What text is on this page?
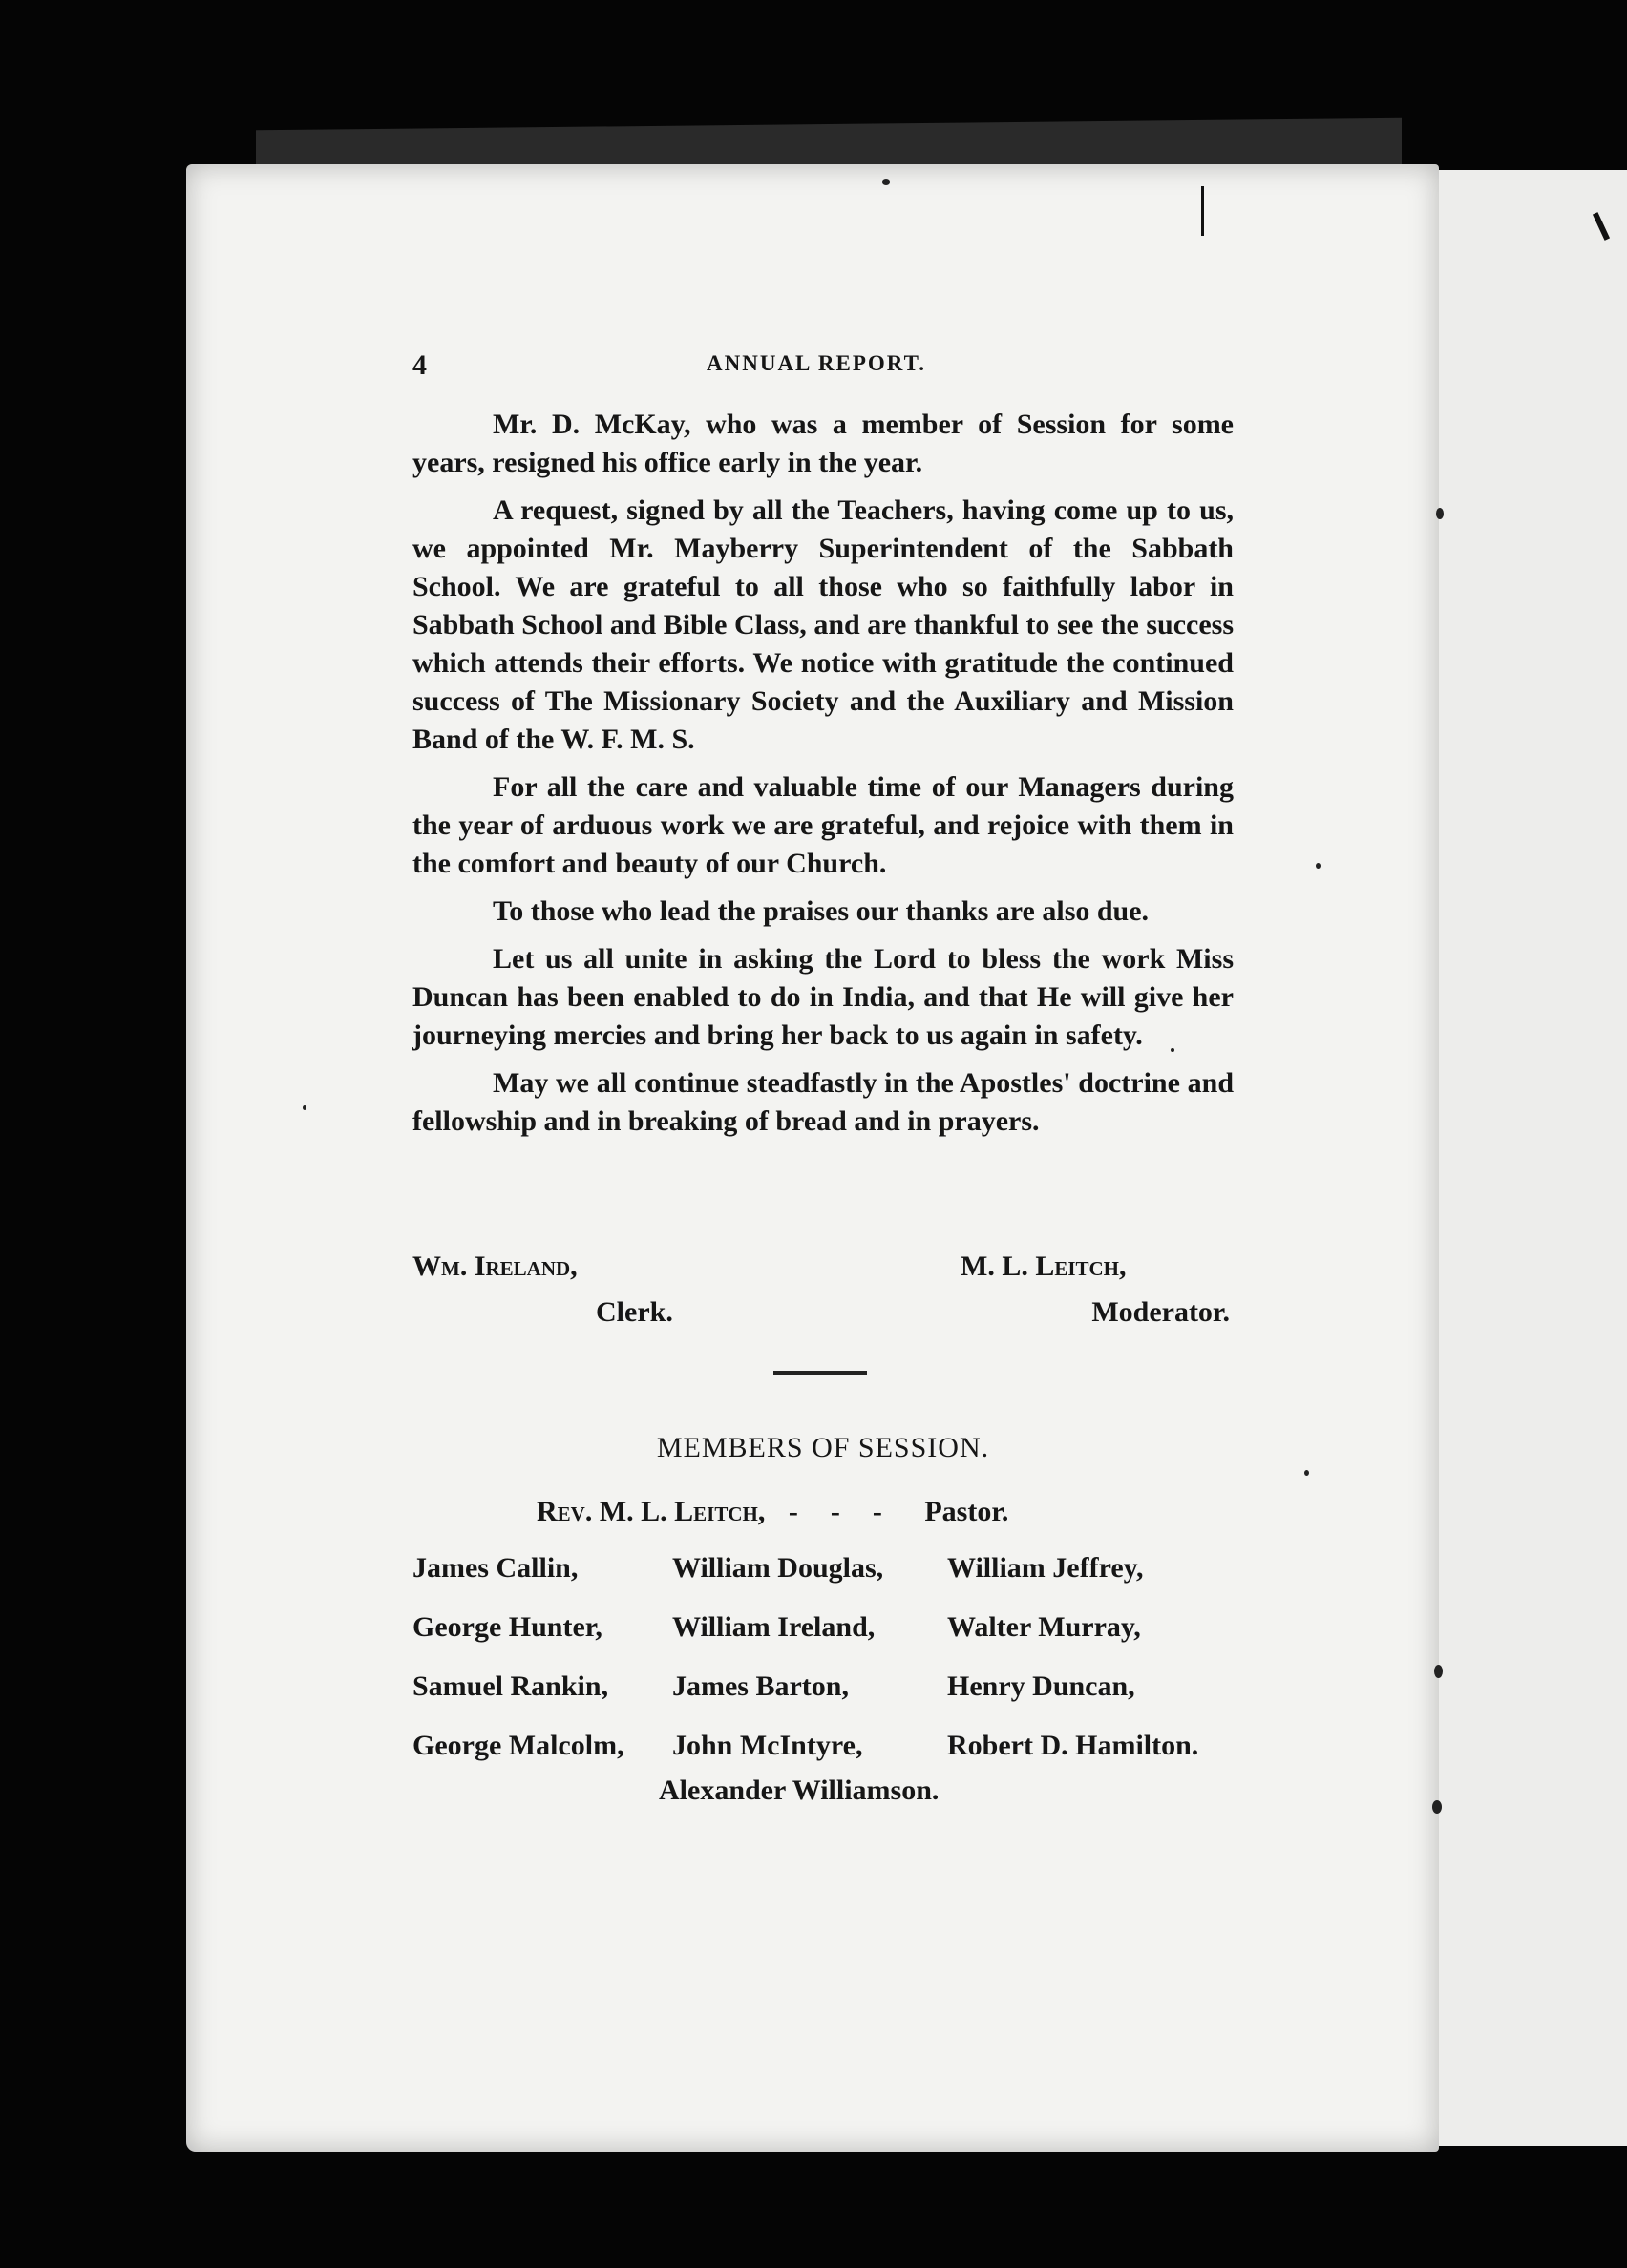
4	ANNUAL REPORT.

Mr. D. McKay, who was a member of Session for some years, resigned his office early in the year.

A request, signed by all the Teachers, having come up to us, we appointed Mr. Mayberry Superintendent of the Sabbath School. We are grateful to all those who so faithfully labor in Sabbath School and Bible Class, and are thankful to see the success which attends their efforts. We notice with gratitude the continued success of The Missionary Society and the Auxiliary and Mission Band of the W. F. M. S.

For all the care and valuable time of our Managers during the year of arduous work we are grateful, and rejoice with them in the comfort and beauty of our Church.

To those who lead the praises our thanks are also due.

Let us all unite in asking the Lord to bless the work Miss Duncan has been enabled to do in India, and that He will give her journeying mercies and bring her back to us again in safety.

May we all continue steadfastly in the Apostles' doctrine and fellowship and in breaking of bread and in prayers.

Wm. Ireland,
Clerk.
M. L. Leitch,
Moderator.
MEMBERS OF SESSION.
Rev. M. L. Leitch, - - - Pastor.
James Callin,	William Douglas, William Jeffrey,
George Hunter, William Ireland,	Walter Murray,
Samuel Rankin, James Barton,	Henry Duncan,
George Malcolm, John McIntyre,	Robert D. Hamilton.
Alexander Williamson.
